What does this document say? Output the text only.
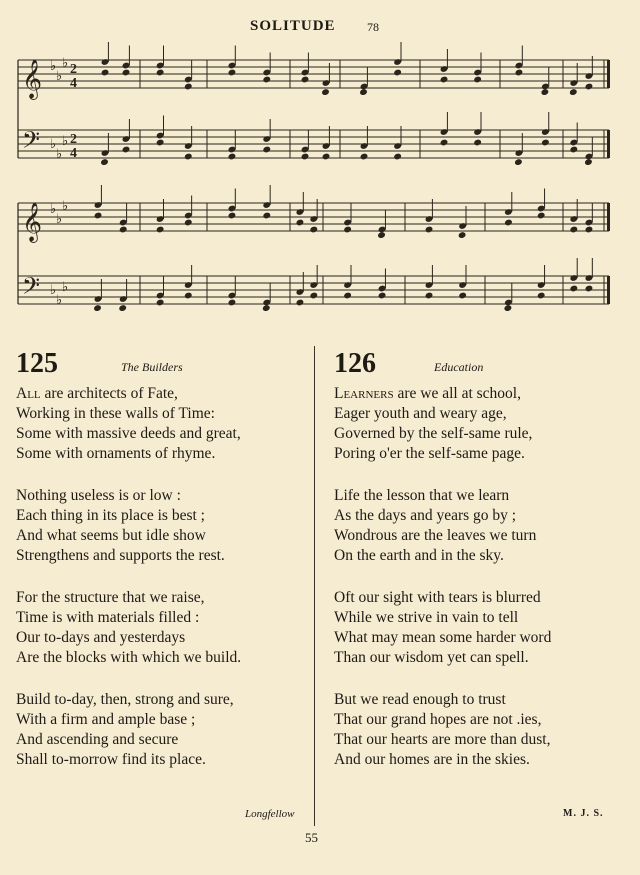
SOLITUDE	78
𝄞
𝄢
♭
♭
♭ 2
4
♭
♭
♭ 2
4
𝄞
𝄢
♭
♭
♭
♭
♭
♭
125	The Builders
All are architects of Fate,
Working in these walls of Time:
Some with massive deeds and great,
Some with ornaments of rhyme.
Nothing useless is or low :
Each thing in its place is best ;
And what seems but idle show
Strengthens and supports the rest.
For the structure that we raise,
Time is with materials filled :
Our to-days and yesterdays
Are the blocks with which we build.
Build to-day, then, strong and sure,
With a firm and ample base ;
And ascending and secure
Shall to-morrow find its place.
126	Education
Learners are we all at school,
Eager youth and weary age,
Governed by the self-same rule,
Poring o'er the self-same page.
Life the lesson that we learn
As the days and years go by ;
Wondrous are the leaves we turn
On the earth and in the sky.
Oft our sight with tears is blurred
While we strive in vain to tell
What may mean some harder word
Than our wisdom yet can spell.
But we read enough to trust
That our grand hopes are not .ies,
That our hearts are more than dust,
And our homes are in the skies.
Longfellow	M. J. S.
55
